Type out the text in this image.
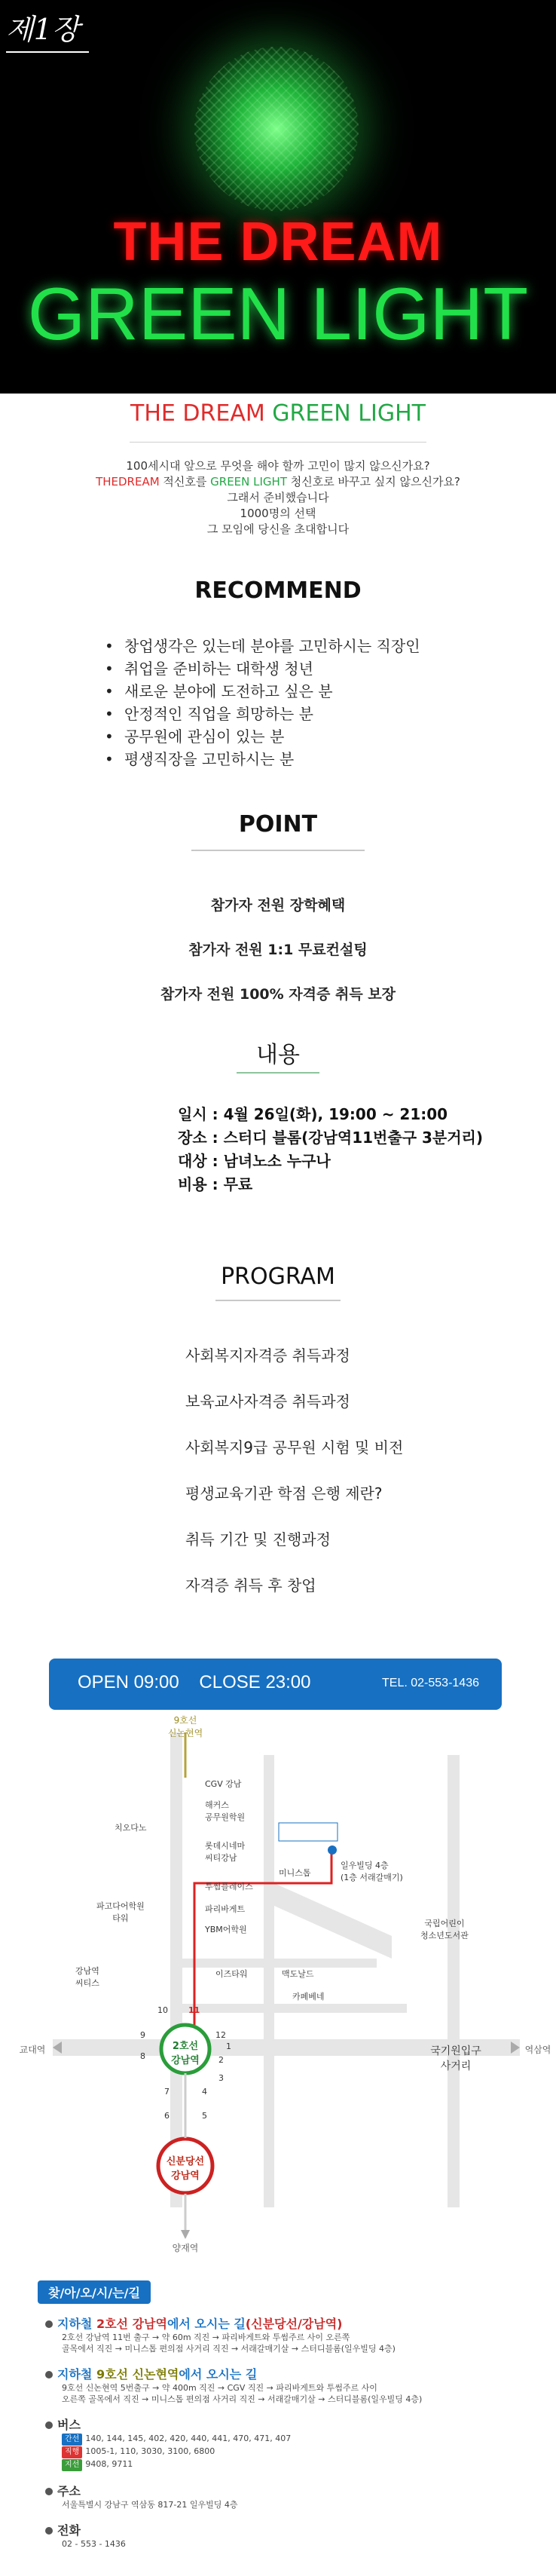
제1장
THE DREAM
GREEN LIGHT
THE DREAM GREEN LIGHT
100세시대 앞으로 무엇을 해야 할까 고민이 많지 않으신가요?
THEDREAM 적신호를 GREEN LIGHT 청신호로 바꾸고 싶지 않으신가요?
그래서 준비했습니다
1000명의 선택
그 모임에 당신을 초대합니다
RECOMMEND
• 창업생각은 있는데 분야를 고민하시는 직장인
• 취업을 준비하는 대학생 청년
• 새로운 분야에 도전하고 싶은 분
• 안정적인 직업을 희망하는 분
• 공무원에 관심이 있는 분
• 평생직장을 고민하시는 분
POINT
참가자 전원 장학혜택
참가자 전원 1:1 무료컨설팅
참가자 전원 100% 자격증 취득 보장
내용
일시 : 4월 26일(화), 19:00 ~ 21:00
장소 : 스터디 블롬(강남역11번출구 3분거리)
대상 : 남녀노소 누구나
비용 : 무료
PROGRAM
사회복지자격증 취득과정
보육교사자격증 취득과정
사회복지9급 공무원 시험 및 비전
평생교육기관 학점 은행 제란?
취득 기간 및 진행과정
자격증 취득 후 창업
OPEN 09:00    CLOSE 23:00	TEL. 02-553-1436
9호선
신논현역
2호선
강남역
신분당선
강남역
양재역
교대역	역삼역
국기원입구
사거리
CGV 강남
해커스
공무원학원
롯데시네마
씨티강남
투썸플레이스
파리바게트
YBM어학원
이즈타워
미니스톱
맥도날드
카페베네
치오다노
파고다어학원
타워
강남역
씨티스
국립어린이
청소년도서관
일우빌딩 4층
(1층 서래갈매기)
10 11
12
9
8
7
6	5
4
3
2
1
찾/아/오/시/는/길
지하철 2호선 강남역에서 오시는 길(신분당선/강남역)
2호선 강남역 11번 출구 → 약 60m 직진 → 파리바게트와 투썸주르 사이 오른쪽
골목에서 직진 → 미니스톱 편의점 사거리 직진 → 서래갈매기살 → 스터디블롬(일우빌딩 4층)
지하철 9호선 신논현역에서 오시는 길
9호선 신논현역 5번출구 → 약 400m 직진 → CGV 직진 → 파리바게트와 투썸주르 사이
오른쪽 골목에서 직진 → 미니스톱 편의점 사거리 직진 → 서래갈매기살 → 스터디블롬(일우빌딩 4층)
버스
간선 140, 144, 145, 402, 420, 440, 441, 470, 471, 407
직행 1005-1, 110, 3030, 3100, 6800
지선 9408, 9711
주소
서울특별시 강남구 역삼동 817-21 일우빌딩 4층
전화
02 - 553 - 1436
